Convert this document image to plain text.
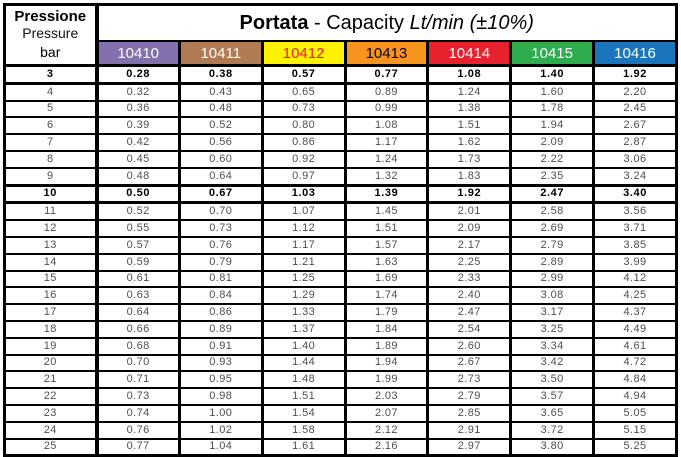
Pressione
Pressure
bar	Portata - Capacity Lt/min (±10%)						
	10410	10411	10412	10413	10414	10415	10416
3	0.28	0.38	0.57	0.77	1.08	1.40	1.92
4	0.32	0.43	0.65	0.89	1.24	1.60	2.20
5	0.36	0.48	0.73	0.99	1.38	1.78	2.45
6	0.39	0.52	0.80	1.08	1.51	1.94	2.67
7	0.42	0.56	0.86	1.17	1.62	2.09	2.87
8	0.45	0.60	0.92	1.24	1.73	2.22	3.06
9	0.48	0.64	0.97	1.32	1.83	2.35	3.24
10	0.50	0.67	1.03	1.39	1.92	2.47	3.40
11	0.52	0.70	1.07	1.45	2.01	2.58	3.56
12	0.55	0.73	1.12	1.51	2.09	2.69	3.71
13	0.57	0.76	1.17	1.57	2.17	2.79	3.85
14	0.59	0.79	1.21	1.63	2.25	2.89	3.99
15	0.61	0.81	1.25	1.69	2.33	2.99	4.12
16	0.63	0.84	1.29	1.74	2.40	3.08	4.25
17	0.64	0.86	1.33	1.79	2.47	3.17	4.37
18	0.66	0.89	1.37	1.84	2.54	3.25	4.49
19	0.68	0.91	1.40	1.89	2.60	3.34	4.61
20	0.70	0.93	1.44	1.94	2.67	3.42	4.72
21	0.71	0.95	1.48	1.99	2.73	3.50	4.84
22	0.73	0.98	1.51	2.03	2.79	3.57	4.94
23	0.74	1.00	1.54	2.07	2.85	3.65	5.05
24	0.76	1.02	1.58	2.12	2.91	3.72	5.15
25	0.77	1.04	1.61	2.16	2.97	3.80	5.25
